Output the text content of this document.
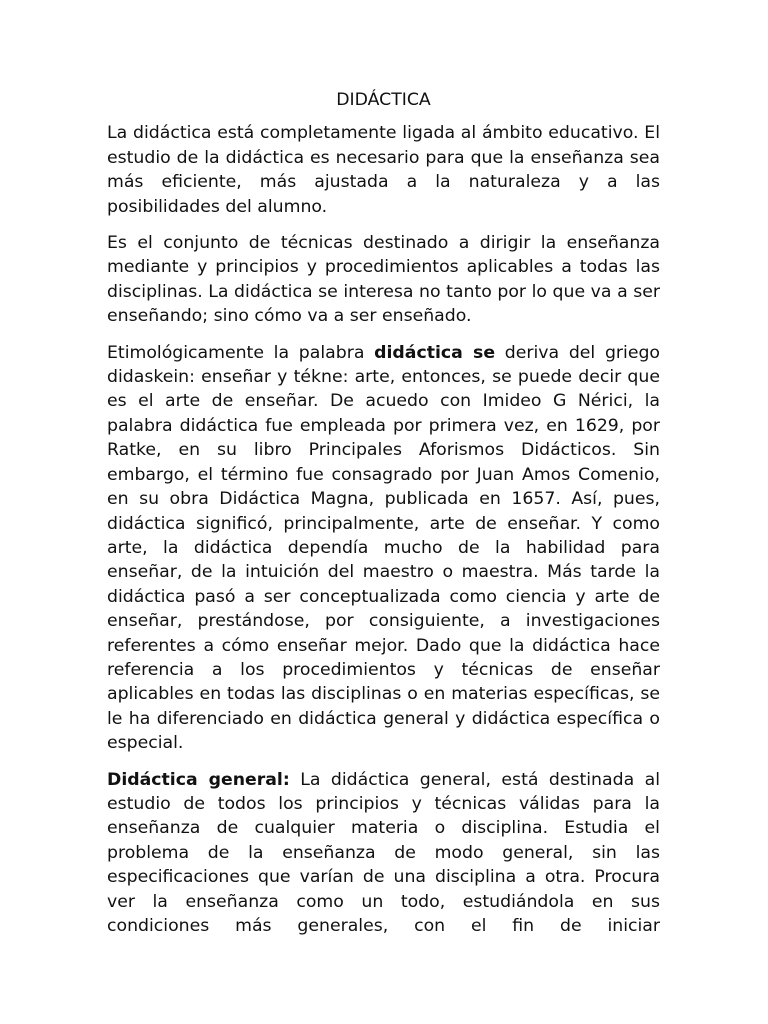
DIDÁCTICA

La didáctica está completamente ligada al ámbito educativo. El estudio de la didáctica es necesario para que la enseñanza sea más eficiente, más ajustada a la naturaleza y a las posibilidades del alumno.

Es el conjunto de técnicas destinado a dirigir la enseñanza mediante y principios y procedimientos aplicables a todas las disciplinas. La didáctica se interesa no tanto por lo que va a ser enseñando; sino cómo va a ser enseñado.

Etimológicamente la palabra didáctica se deriva del griego didaskein: enseñar y tékne: arte, entonces, se puede decir que es el arte de enseñar. De acuedo con Imideo G Nérici, la palabra didáctica fue empleada por primera vez, en 1629, por Ratke, en su libro Principales Aforismos Didácticos. Sin embargo, el término fue consagrado por Juan Amos Comenio, en su obra Didáctica Magna, publicada en 1657. Así, pues, didáctica significó, principalmente, arte de enseñar. Y como arte, la didáctica dependía mucho de la habilidad para enseñar, de la intuición del maestro o maestra. Más tarde la didáctica pasó a ser conceptualizada como ciencia y arte de enseñar, prestándose, por consiguiente, a investigaciones referentes a cómo enseñar mejor. Dado que la didáctica hace referencia a los procedimientos y técnicas de enseñar aplicables en todas las disciplinas o en materias específicas, se le ha diferenciado en didáctica general y didáctica específica o especial.

Didáctica general: La didáctica general, está destinada al estudio de todos los principios y técnicas válidas para la enseñanza de cualquier materia o disciplina. Estudia el problema de la enseñanza de modo general, sin las especificaciones que varían de una disciplina a otra. Procura ver la enseñanza como un todo, estudiándola en sus condiciones más generales, con el fin de iniciar
